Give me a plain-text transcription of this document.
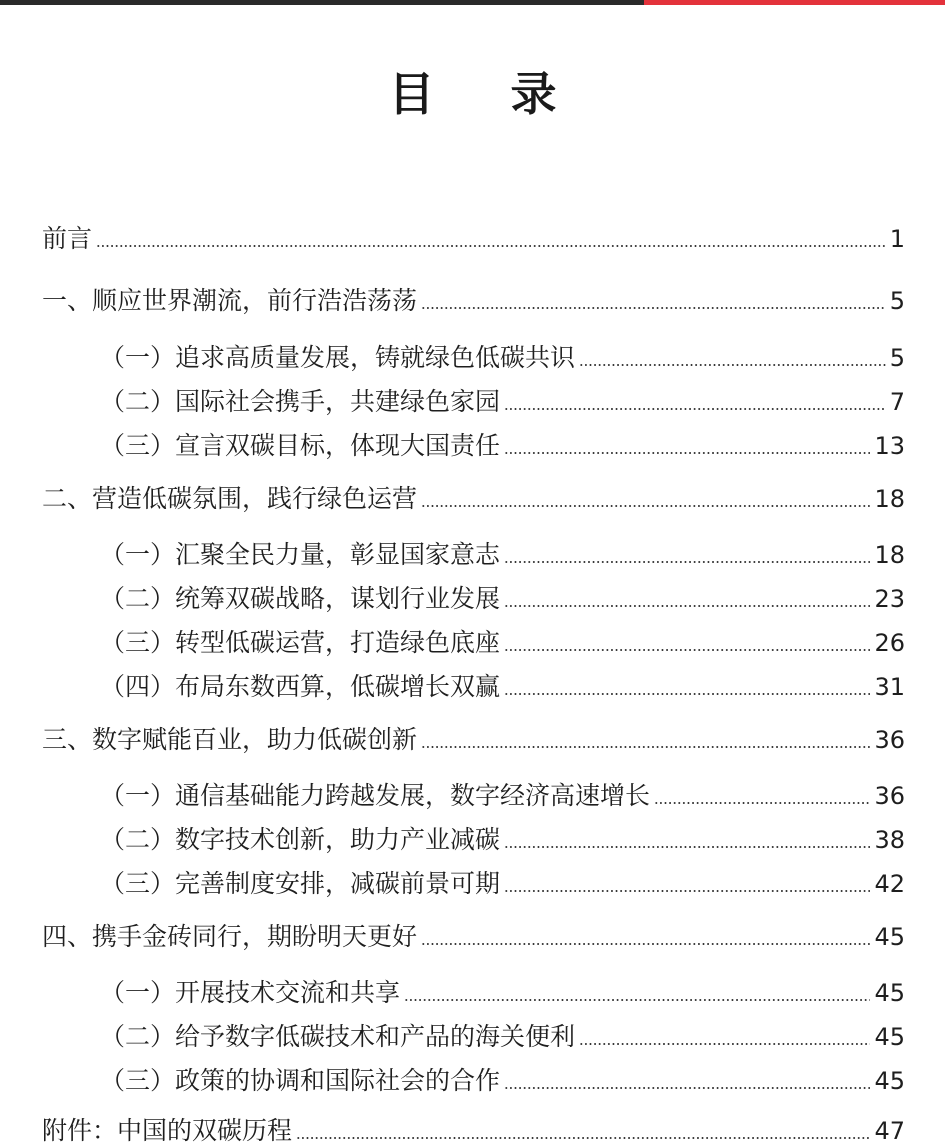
目 录
前言	1
一、顺应世界潮流，前行浩浩荡荡	5
（一）追求高质量发展，铸就绿色低碳共识	5
（二）国际社会携手，共建绿色家园	7
（三）宣言双碳目标，体现大国责任	13
二、营造低碳氛围，践行绿色运营	18
（一）汇聚全民力量，彰显国家意志	18
（二）统筹双碳战略，谋划行业发展	23
（三）转型低碳运营，打造绿色底座	26
（四）布局东数西算，低碳增长双赢	31
三、数字赋能百业，助力低碳创新	36
（一）通信基础能力跨越发展，数字经济高速增长	36
（二）数字技术创新，助力产业减碳	38
（三）完善制度安排，减碳前景可期	42
四、携手金砖同行，期盼明天更好	45
（一）开展技术交流和共享	45
（二）给予数字低碳技术和产品的海关便利	45
（三）政策的协调和国际社会的合作	45
附件：中国的双碳历程	47
